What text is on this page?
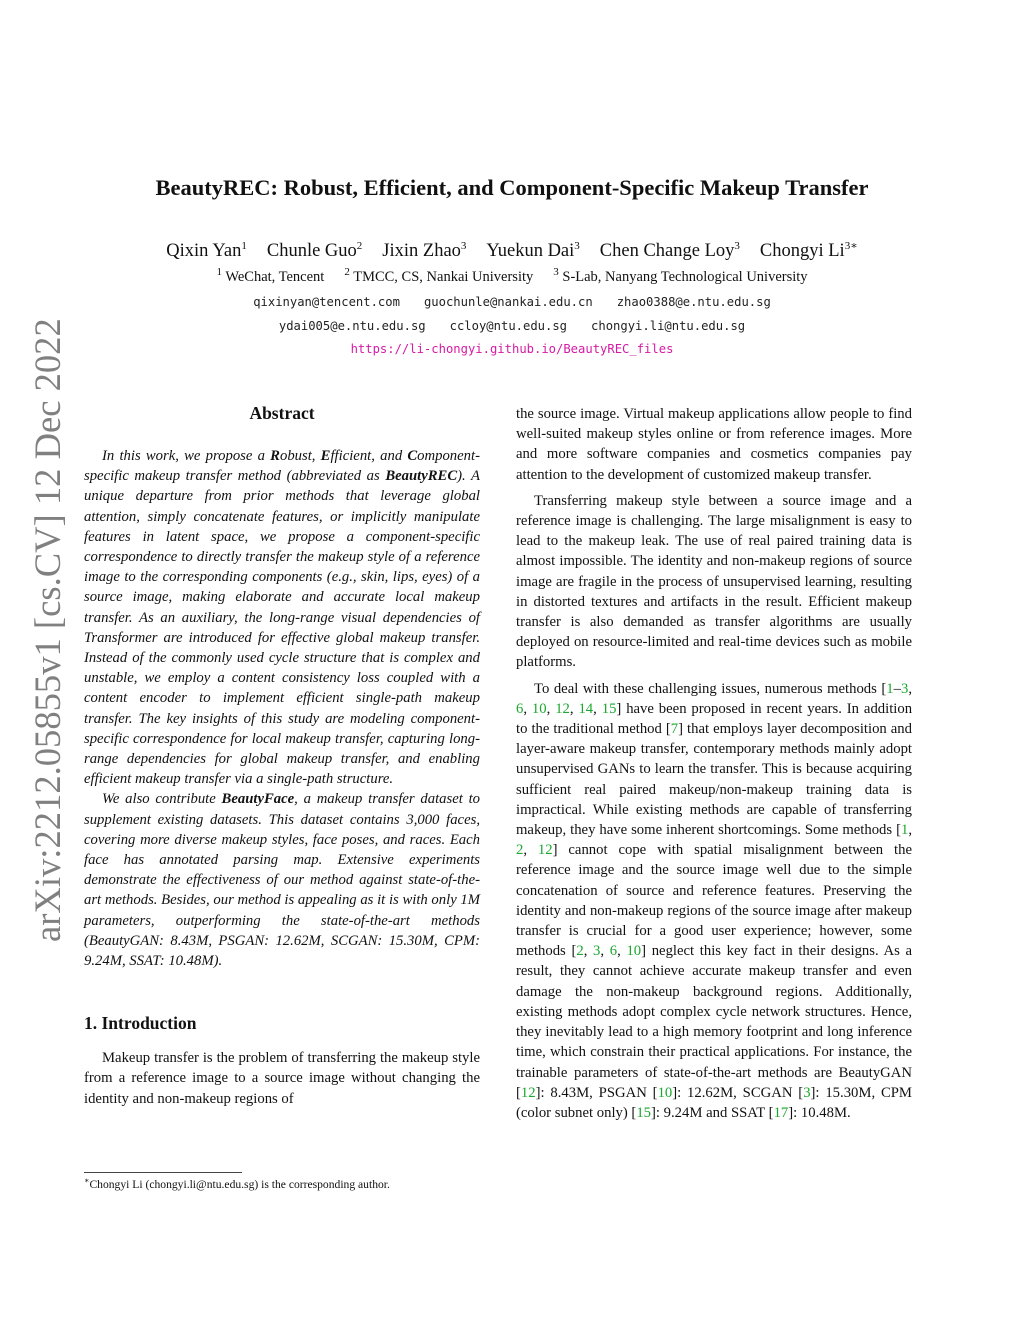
arXiv:2212.05855v1 [cs.CV] 12 Dec 2022
BeautyREC: Robust, Efficient, and Component-Specific Makeup Transfer
Qixin Yan$^1$ Chunle Guo$^2$ Jixin Zhao$^3$ Yuekun Dai$^3$ Chen Change Loy$^3$ Chongyi $Li^{3∗}$
$^1$ WeChat, Tencent $^2$ TMCC, CS, Nankai University $^3$ S-Lab, Nanyang Technological University
qixinyan@tencent.com guochunle@nankai.edu.cn zhao0388@e.ntu.edu.sg
ydai005@e.ntu.edu.sg ccloy@ntu.edu.sg chongyi.li@ntu.edu.sg
https://li-chongyi.github.io/BeautyREC_files
Abstract

In this work, we propose a Robust, Efficient, and Component-specific makeup transfer method (abbreviated as BeautyREC). A unique departure from prior methods that leverage global attention, simply concatenate features, or implicitly manipulate features in latent space, we propose a component-specific correspondence to directly transfer the makeup style of a reference image to the corresponding components (e.g., skin, lips, eyes) of a source image, making elaborate and accurate local makeup transfer. As an auxiliary, the long-range visual dependencies of Transformer are introduced for effective global makeup transfer. Instead of the commonly used cycle structure that is complex and unstable, we employ a content consistency loss coupled with a content encoder to implement efficient single-path makeup transfer. The key insights of this study are modeling component-specific correspondence for local makeup transfer, capturing long-range dependencies for global makeup transfer, and enabling efficient makeup transfer via a single-path structure.

We also contribute BeautyFace, a makeup transfer dataset to supplement existing datasets. This dataset contains 3,000 faces, covering more diverse makeup styles, face poses, and races. Each face has annotated parsing map. Extensive experiments demonstrate the effectiveness of our method against state-of-the-art methods. Besides, our method is appealing as it is with only 1M parameters, outperforming the state-of-the-art methods (BeautyGAN: 8.43M, PSGAN: 12.62M, SCGAN: 15.30M, CPM: 9.24M, SSAT: 10.48M).

1. Introduction

Makeup transfer is the problem of transferring the makeup style from a reference image to a source image without changing the identity and non-makeup regions of

∗Chongyi Li (chongyi.li@ntu.edu.sg) is the corresponding author.

the source image. Virtual makeup applications allow people to find well-suited makeup styles online or from reference images. More and more software companies and cosmetics companies pay attention to the development of customized makeup transfer.

Transferring makeup style between a source image and a reference image is challenging. The large misalignment is easy to lead to the makeup leak. The use of real paired training data is almost impossible. The identity and non-makeup regions of source image are fragile in the process of unsupervised learning, resulting in distorted textures and artifacts in the result. Efficient makeup transfer is also demanded as transfer algorithms are usually deployed on resource-limited and real-time devices such as mobile platforms.

To deal with these challenging issues, numerous methods [1–3, 6, 10, 12, 14, 15] have been proposed in recent years. In addition to the traditional method [7] that employs layer decomposition and layer-aware makeup transfer, contemporary methods mainly adopt unsupervised GANs to learn the transfer. This is because acquiring sufficient real paired makeup/non-makeup training data is impractical. While existing methods are capable of transferring makeup, they have some inherent shortcomings. Some methods [1, 2, 12] cannot cope with spatial misalignment between the reference image and the source image well due to the simple concatenation of source and reference features. Preserving the identity and non-makeup regions of the source image after makeup transfer is crucial for a good user experience; however, some methods [2, 3, 6, 10] neglect this key fact in their designs. As a result, they cannot achieve accurate makeup transfer and even damage the non-makeup background regions. Additionally, existing methods adopt complex cycle network structures. Hence, they inevitably lead to a high memory footprint and long inference time, which constrain their practical applications. For instance, the trainable parameters of state-of-the-art methods are BeautyGAN [12]: 8.43M, PSGAN [10]: 12.62M, SCGAN [3]: 15.30M, CPM (color subnet only) [15]: 9.24M and SSAT [17]: 10.48M.
